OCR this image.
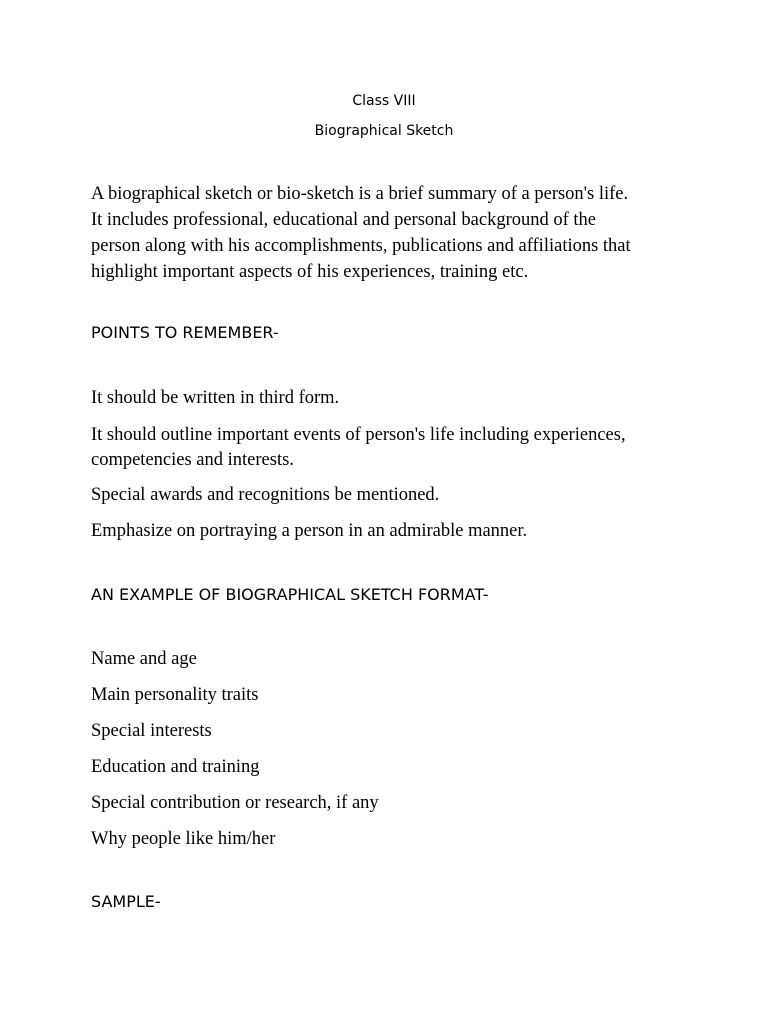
Class VIII
Biographical Sketch
A biographical sketch or bio-sketch is a brief summary of a person's life.
It includes professional, educational and personal background of the
person along with his accomplishments, publications and affiliations that
highlight important aspects of his experiences, training etc.
POINTS TO REMEMBER-
It should be written in third form.
It should outline important events of person's life including experiences,
competencies and interests.
Special awards and recognitions be mentioned.
Emphasize on portraying a person in an admirable manner.
AN EXAMPLE OF BIOGRAPHICAL SKETCH FORMAT-
Name and age
Main personality traits
Special interests
Education and training
Special contribution or research, if any
Why people like him/her
SAMPLE-
